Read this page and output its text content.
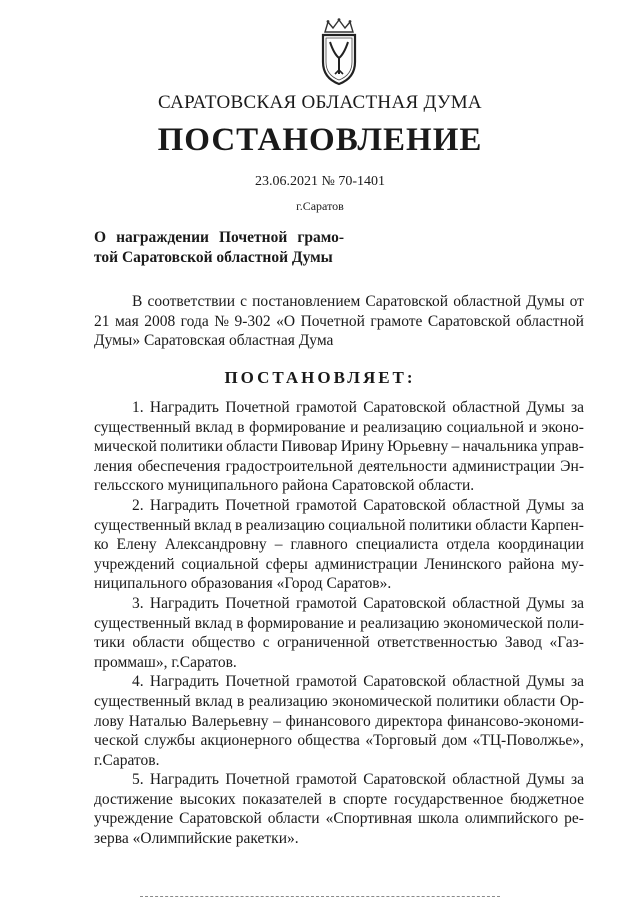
САРАТОВСКАЯ ОБЛАСТНАЯ ДУМА
ПОСТАНОВЛЕНИЕ
23.06.2021 № 70-1401
г.Саратов
О награждении Почетной грамо-
той Саратовской областной Думы
В соответствии с постановлением Саратовской областной Думы от
21 мая 2008 года № 9-302 «О Почетной грамоте Саратовской областной
Думы» Саратовская областная Дума
ПОСТАНОВЛЯЕТ:
1. Наградить Почетной грамотой Саратовской областной Думы за
существенный вклад в формирование и реализацию социальной и эконо-
мической политики области Пивовар Ирину Юрьевну – начальника управ-
ления обеспечения градостроительной деятельности администрации Эн-
гельсского муниципального района Саратовской области.
2. Наградить Почетной грамотой Саратовской областной Думы за
существенный вклад в реализацию социальной политики области Карпен-
ко Елену Александровну – главного специалиста отдела координации
учреждений социальной сферы администрации Ленинского района му-
ниципального образования «Город Саратов».
3. Наградить Почетной грамотой Саратовской областной Думы за
существенный вклад в формирование и реализацию экономической поли-
тики области общество с ограниченной ответственностью Завод «Газ-
проммаш», г.Саратов.
4. Наградить Почетной грамотой Саратовской областной Думы за
существенный вклад в реализацию экономической политики области Ор-
лову Наталью Валерьевну – финансового директора финансово-экономи-
ческой службы акционерного общества «Торговый дом «ТЦ-Поволжье»,
г.Саратов.
5. Наградить Почетной грамотой Саратовской областной Думы за
достижение высоких показателей в спорте государственное бюджетное
учреждение Саратовской области «Спортивная школа олимпийского ре-
зерва «Олимпийские ракетки».
